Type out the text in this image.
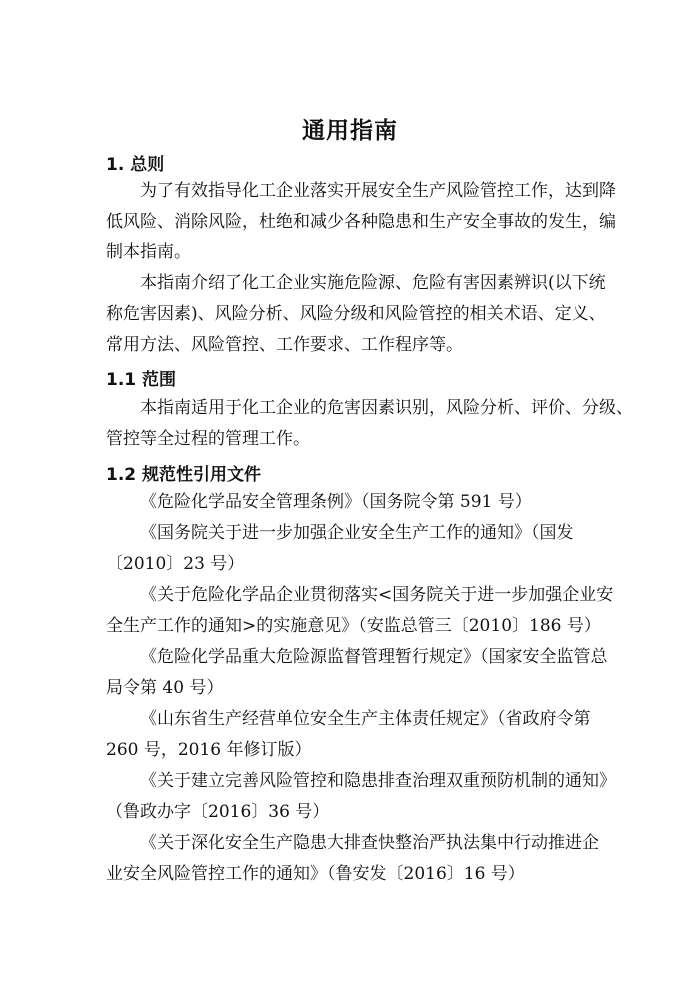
通用指南
1. 总则
为了有效指导化工企业落实开展安全生产风险管控工作，达到降
低风险、消除风险，杜绝和减少各种隐患和生产安全事故的发生，编
制本指南。
本指南介绍了化工企业实施危险源、危险有害因素辨识(以下统
称危害因素)、风险分析、风险分级和风险管控的相关术语、定义、
常用方法、风险管控、工作要求、工作程序等。
1.1 范围
本指南适用于化工企业的危害因素识别，风险分析、评价、分级、
管控等全过程的管理工作。
1.2 规范性引用文件
《危险化学品安全管理条例》（国务院令第 591 号）
《国务院关于进一步加强企业安全生产工作的通知》（国发
〔2010〕23 号）
《关于危险化学品企业贯彻落实<国务院关于进一步加强企业安
全生产工作的通知>的实施意见》（安监总管三〔2010〕186 号）
《危险化学品重大危险源监督管理暂行规定》（国家安全监管总
局令第 40 号）
《山东省生产经营单位安全生产主体责任规定》（省政府令第
260 号，2016 年修订版）
《关于建立完善风险管控和隐患排查治理双重预防机制的通知》
（鲁政办字〔2016〕36 号）
《关于深化安全生产隐患大排查快整治严执法集中行动推进企
业安全风险管控工作的通知》（鲁安发〔2016〕16 号）
